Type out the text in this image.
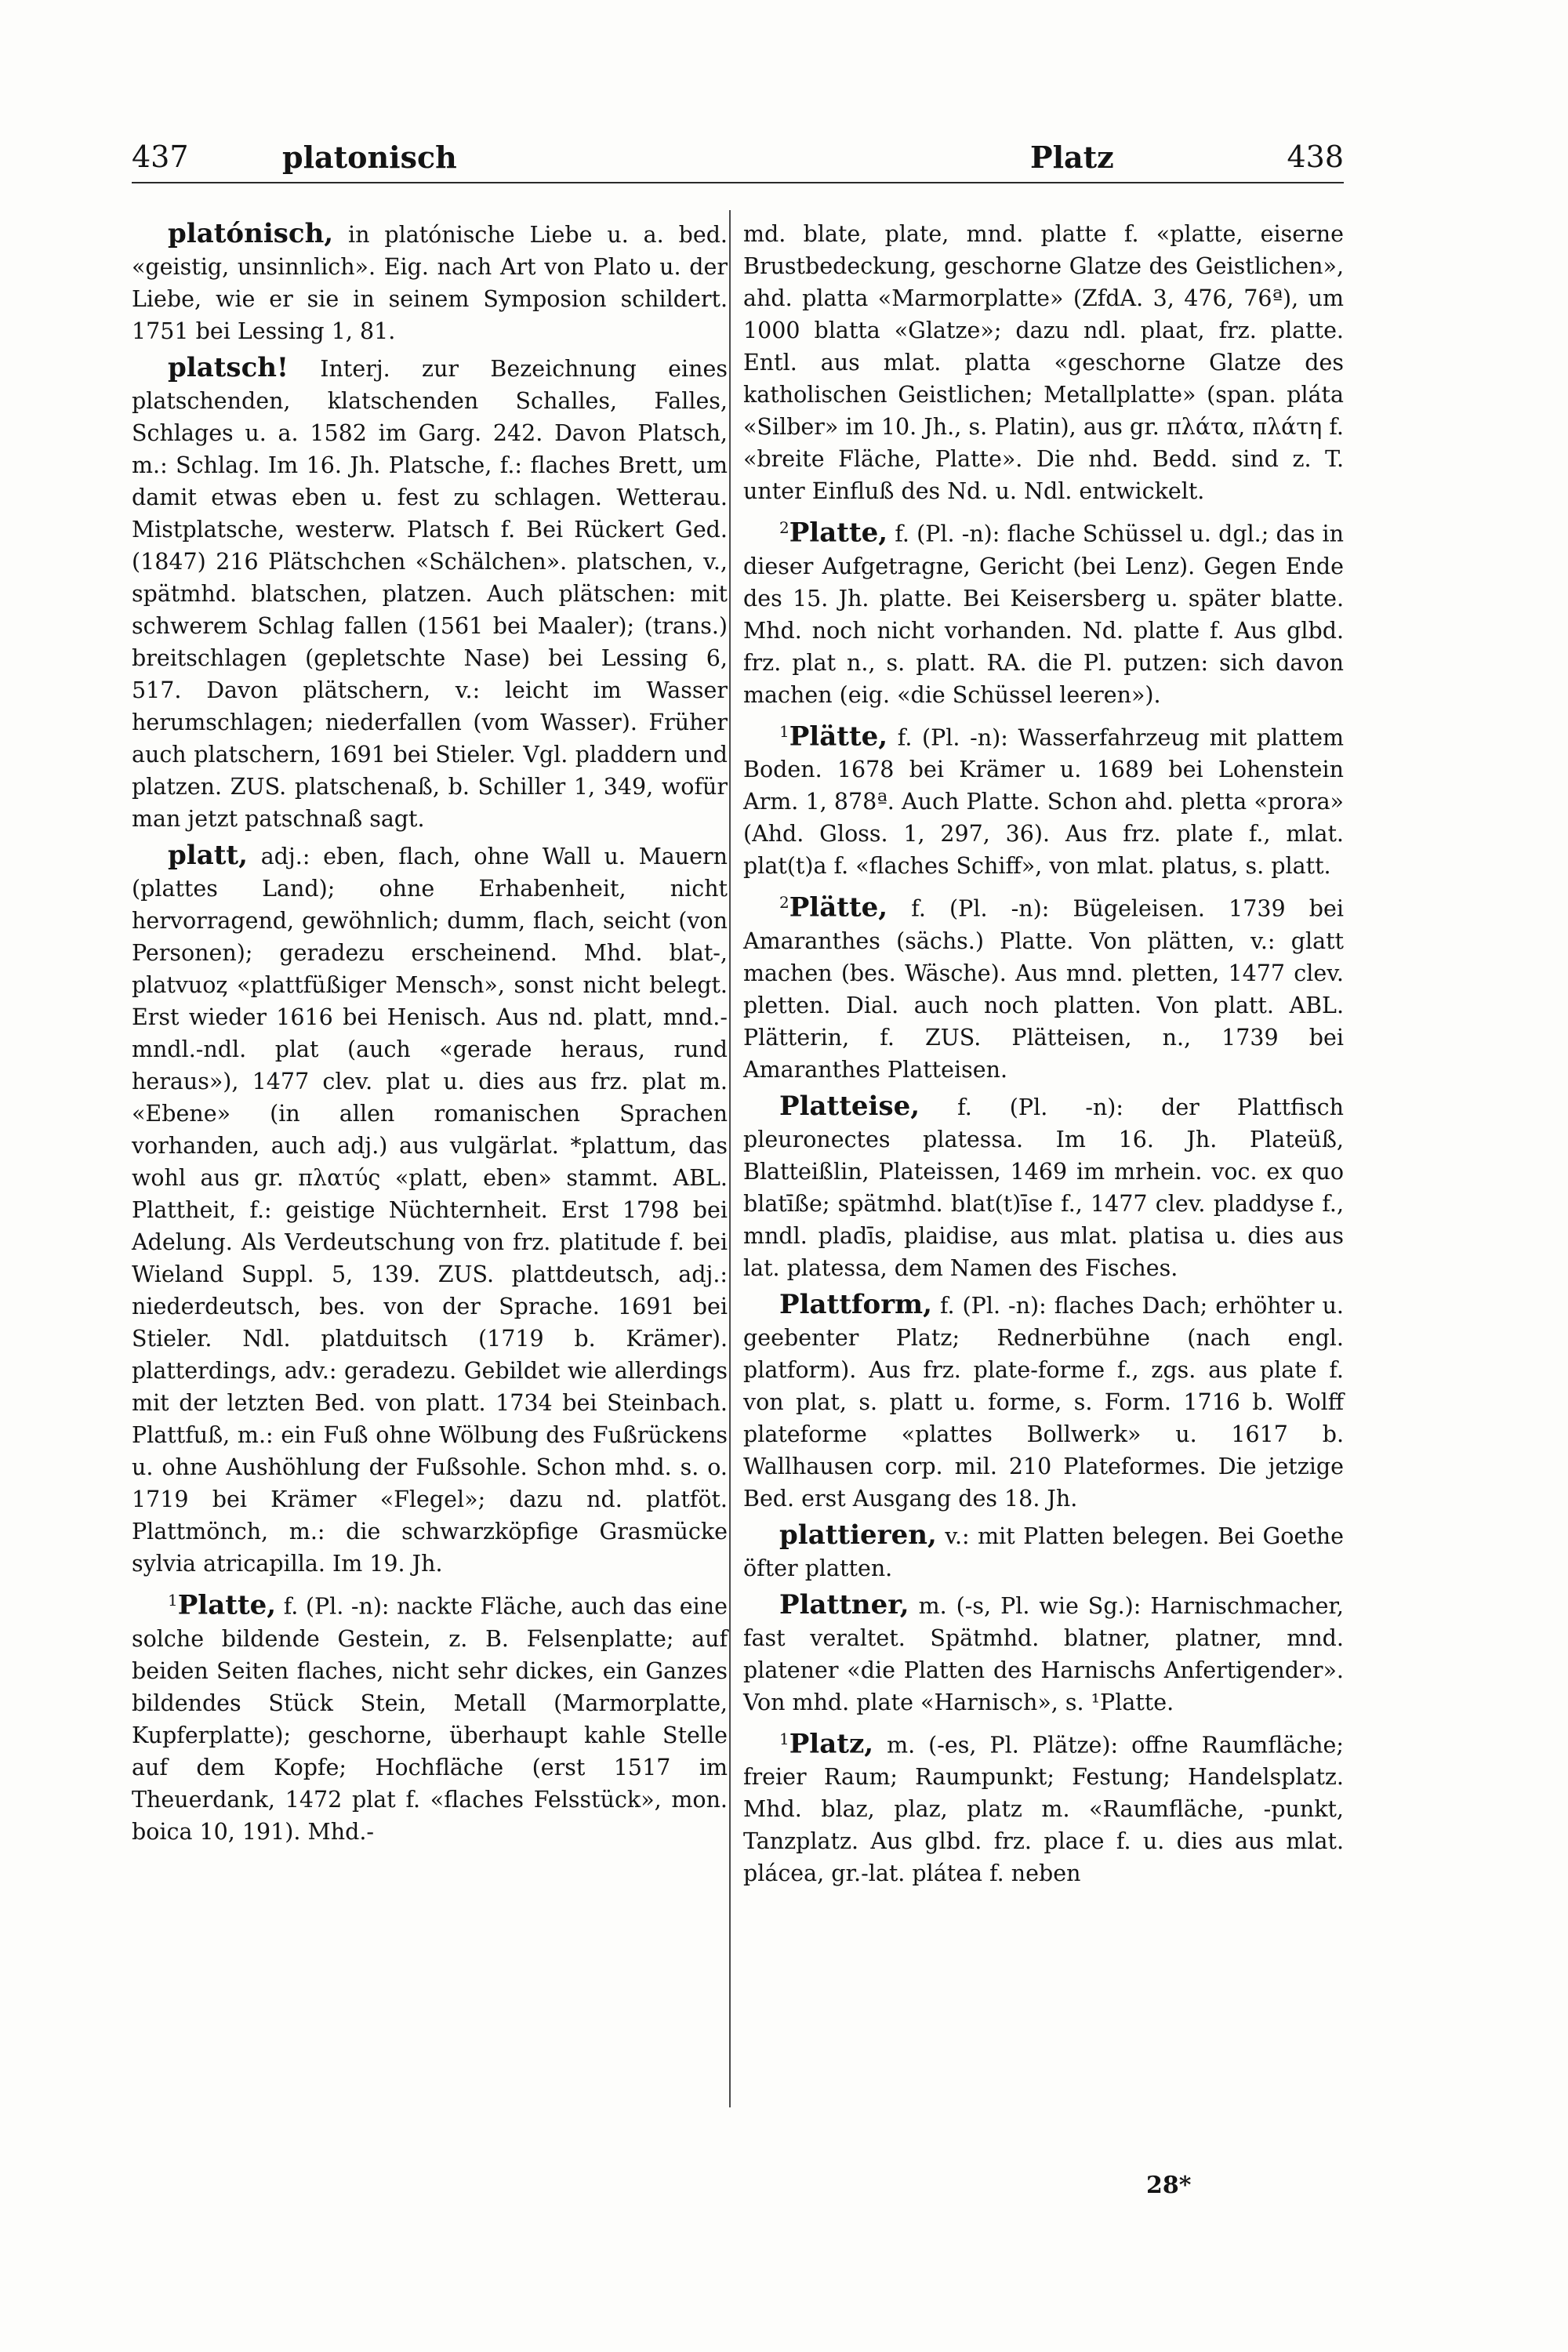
437	platonisch	Platz	438

platónisch, in platónische Liebe u. a. bed. «geistig, unsinnlich». Eig. nach Art von Plato u. der Liebe, wie er sie in seinem Symposion schildert. 1751 bei Lessing 1, 81.

platsch! Interj. zur Bezeichnung eines platschenden, klatschenden Schalles, Falles, Schlages u. a. 1582 im Garg. 242. Davon Platsch, m.: Schlag. Im 16. Jh. Platsche, f.: flaches Brett, um damit etwas eben u. fest zu schlagen. Wetterau. Mistplatsche, westerw. Platsch f. Bei Rückert Ged. (1847) 216 Plätschchen «Schälchen». platschen, v., spätmhd. blatschen, platzen. Auch plätschen: mit schwerem Schlag fallen (1561 bei Maaler); (trans.) breitschlagen (gepletschte Nase) bei Lessing 6, 517. Davon plätschern, v.: leicht im Wasser herumschlagen; niederfallen (vom Wasser). Früher auch platschern, 1691 bei Stieler. Vgl. pladdern und platzen. ZUS. platschenaß, b. Schiller 1, 349, wofür man jetzt patschnaß sagt.

platt, adj.: eben, flach, ohne Wall u. Mauern (plattes Land); ohne Erhabenheit, nicht hervorragend, gewöhnlich; dumm, flach, seicht (von Personen); geradezu erscheinend. Mhd. blat-, platvuoȥ «plattfüßiger Mensch», sonst nicht belegt. Erst wieder 1616 bei Henisch. Aus nd. platt, mnd.-mndl.-ndl. plat (auch «gerade heraus, rund heraus»), 1477 clev. plat u. dies aus frz. plat m. «Ebene» (in allen romanischen Sprachen vorhanden, auch adj.) aus vulgärlat. *plattum, das wohl aus gr. πλατύς «platt, eben» stammt. ABL. Plattheit, f.: geistige Nüchternheit. Erst 1798 bei Adelung. Als Verdeutschung von frz. platitude f. bei Wieland Suppl. 5, 139. ZUS. plattdeutsch, adj.: niederdeutsch, bes. von der Sprache. 1691 bei Stieler. Ndl. platduitsch (1719 b. Krämer). platterdings, adv.: geradezu. Gebildet wie allerdings mit der letzten Bed. von platt. 1734 bei Steinbach. Plattfuß, m.: ein Fuß ohne Wölbung des Fußrückens u. ohne Aushöhlung der Fußsohle. Schon mhd. s. o. 1719 bei Krämer «Flegel»; dazu nd. platföt. Plattmönch, m.: die schwarzköpfige Grasmücke sylvia atricapilla. Im 19. Jh.

$^1$Platte, f. (Pl. -n): nackte Fläche, auch das eine solche bildende Gestein, z. B. Felsenplatte; auf beiden Seiten flaches, nicht sehr dickes, ein Ganzes bildendes Stück Stein, Metall (Marmorplatte, Kupferplatte); geschorne, überhaupt kahle Stelle auf dem Kopfe; Hochfläche (erst 1517 im Theuerdank, 1472 plat f. «flaches Felsstück», mon. boica 10, 191). Mhd.-

md. blate, plate, mnd. platte f. «platte, eiserne Brustbedeckung, geschorne Glatze des Geistlichen», ahd. platta «Marmorplatte» (ZfdA. 3, 476, 76ª), um 1000 blatta «Glatze»; dazu ndl. plaat, frz. platte. Entl. aus mlat. platta «geschorne Glatze des katholischen Geistlichen; Metallplatte» (span. pláta «Silber» im 10. Jh., s. Platin), aus gr. πλάτα, πλάτη f. «breite Fläche, Platte». Die nhd. Bedd. sind z. T. unter Einfluß des Nd. u. Ndl. entwickelt.

$^2$Platte, f. (Pl. -n): flache Schüssel u. dgl.; das in dieser Aufgetragne, Gericht (bei Lenz). Gegen Ende des 15. Jh. platte. Bei Keisersberg u. später blatte. Mhd. noch nicht vorhanden. Nd. platte f. Aus glbd. frz. plat n., s. platt. RA. die Pl. putzen: sich davon machen (eig. «die Schüssel leeren»).

$^1$Plätte, f. (Pl. -n): Wasserfahrzeug mit plattem Boden. 1678 bei Krämer u. 1689 bei Lohenstein Arm. 1, 878ª. Auch Platte. Schon ahd. pletta «prora» (Ahd. Gloss. 1, 297, 36). Aus frz. plate f., mlat. plat(t)a f. «flaches Schiff», von mlat. platus, s. platt.

$^2$Plätte, f. (Pl. -n): Bügeleisen. 1739 bei Amaranthes (sächs.) Platte. Von plätten, v.: glatt machen (bes. Wäsche). Aus mnd. pletten, 1477 clev. pletten. Dial. auch noch platten. Von platt. ABL. Plätterin, f. ZUS. Plätteisen, n., 1739 bei Amaranthes Platteisen.

Platteise, f. (Pl. -n): der Plattfisch pleuronectes platessa. Im 16. Jh. Plateüß, Blatteißlin, Plateissen, 1469 im mrhein. voc. ex quo blatīße; spätmhd. blat(t)īse f., 1477 clev. pladdyse f., mndl. pladīs, plaidise, aus mlat. platisa u. dies aus lat. platessa, dem Namen des Fisches.

Plattform, f. (Pl. -n): flaches Dach; erhöhter u. geebenter Platz; Rednerbühne (nach engl. platform). Aus frz. plate-forme f., zgs. aus plate f. von plat, s. platt u. forme, s. Form. 1716 b. Wolff plateforme «plattes Bollwerk» u. 1617 b. Wallhausen corp. mil. 210 Plateformes. Die jetzige Bed. erst Ausgang des 18. Jh.

plattieren, v.: mit Platten belegen. Bei Goethe öfter platten.

Plattner, m. (-s, Pl. wie Sg.): Harnischmacher, fast veraltet. Spätmhd. blatner, platner, mnd. platener «die Platten des Harnischs Anfertigender». Von mhd. plate «Harnisch», s. ¹Platte.

$^1$Platz, m. (-es, Pl. Plätze): offne Raumfläche; freier Raum; Raumpunkt; Festung; Handelsplatz. Mhd. blaz, plaz, platz m. «Raumfläche, -punkt, Tanzplatz. Aus glbd. frz. place f. u. dies aus mlat. plácea, gr.-lat. plátea f. neben

28*
